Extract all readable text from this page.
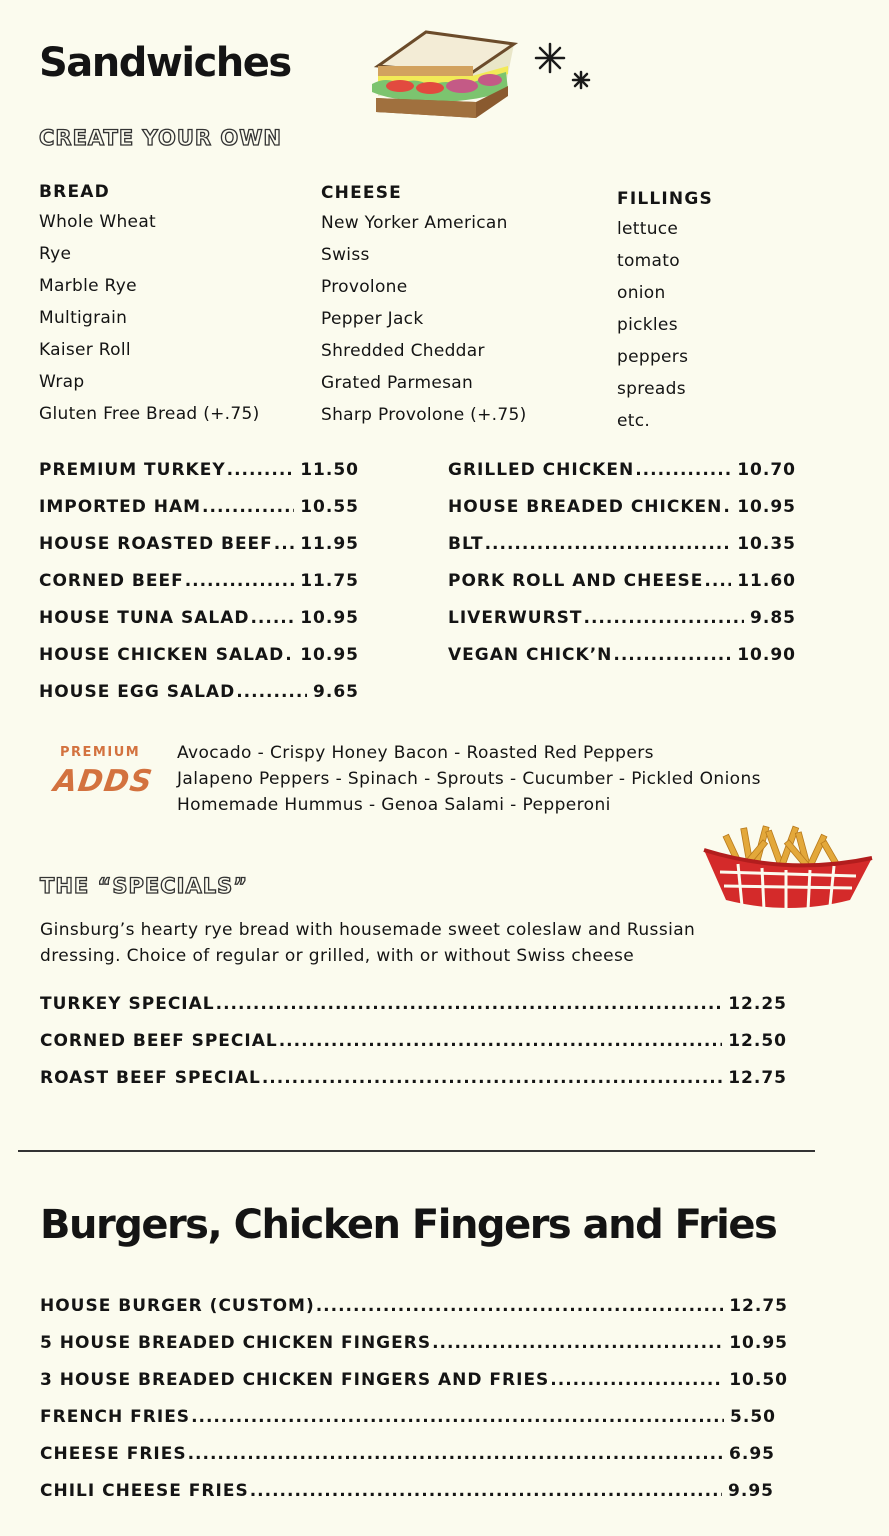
Sandwiches
CREATE YOUR OWN
BREAD
Whole Wheat
Rye
Marble Rye
Multigrain
Kaiser Roll
Wrap
Gluten Free Bread (+.75)
CHEESE
New Yorker American
Swiss
Provolone
Pepper Jack
Shredded Cheddar
Grated Parmesan
Sharp Provolone (+.75)
FILLINGS
lettuce
tomato
onion
pickles
peppers
spreads
etc.
PREMIUM TURKEY .....	11.50
IMPORTED HAM .....	10.55
HOUSE ROASTED BEEF ..... 11.95
CORNED BEEF .....	11.75
HOUSE TUNA SALAD .....	10.95
HOUSE CHICKEN SALAD ..... 10.95
HOUSE EGG SALAD .....	9.65
GRILLED CHICKEN .....	10.70
HOUSE BREADED CHICKEN ..... 10.95
BLT .....	10.35
PORK ROLL AND CHEESE ..... 11.60
LIVERWURST .....	9.85
VEGAN CHICK’N .....	10.90
PREMIUM
ADDS
Avocado - Crispy Honey Bacon - Roasted Red Peppers
Jalapeno Peppers - Spinach - Sprouts - Cucumber - Pickled Onions
Homemade Hummus - Genoa Salami - Pepperoni
THE “SPECIALS”
Ginsburg’s hearty rye bread with housemade sweet coleslaw and Russian
dressing. Choice of regular or grilled, with or without Swiss cheese
TURKEY SPECIAL .....	12.25
CORNED BEEF SPECIAL .....	12.50
ROAST BEEF SPECIAL .....	12.75
Burgers, Chicken Fingers and Fries
HOUSE BURGER (CUSTOM) .....	12.75
5 HOUSE BREADED CHICKEN FINGERS .....	10.95
3 HOUSE BREADED CHICKEN FINGERS AND FRIES .....	10.50
FRENCH FRIES .....	5.50
CHEESE FRIES .....	6.95
CHILI CHEESE FRIES .....	9.95
